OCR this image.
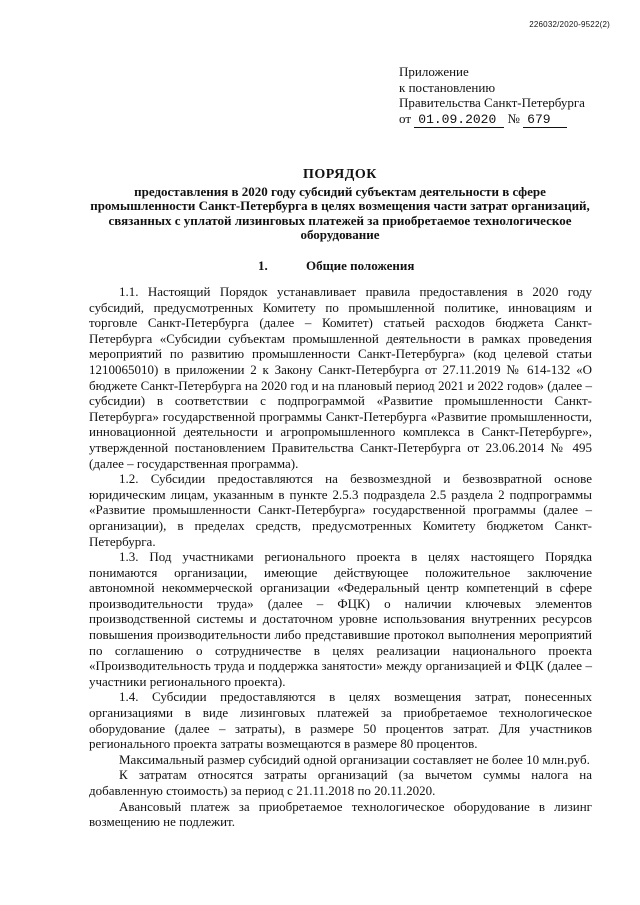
226032/2020-9522(2)
Приложение
к постановлению
Правительства Санкт-Петербурга
от 01.09.2020 № 679
ПОРЯДОК
предоставления в 2020 году субсидий субъектам деятельности в сфере промышленности Санкт-Петербурга в целях возмещения части затрат организаций, связанных с уплатой лизинговых платежей за приобретаемое технологическое оборудование
1.	Общие положения

1.1. Настоящий Порядок устанавливает правила предоставления в 2020 году субсидий, предусмотренных Комитету по промышленной политике, инновациям и торговле Санкт-Петербурга (далее – Комитет) статьей расходов бюджета Санкт-Петербурга «Субсидии субъектам промышленной деятельности в рамках проведения мероприятий по развитию промышленности Санкт-Петербурга» (код целевой статьи 1210065010) в приложении 2 к Закону Санкт-Петербурга от 27.11.2019 № 614-132 «О бюджете Санкт-Петербурга на 2020 год и на плановый период 2021 и 2022 годов» (далее – субсидии) в соответствии с подпрограммой «Развитие промышленности Санкт-Петербурга» государственной программы Санкт-Петербурга «Развитие промышленности, инновационной деятельности и агропромышленного комплекса в Санкт-Петербурге», утвержденной постановлением Правительства Санкт-Петербурга от 23.06.2014 № 495 (далее – государственная программа).

1.2. Субсидии предоставляются на безвозмездной и безвозвратной основе юридическим лицам, указанным в пункте 2.5.3 подраздела 2.5 раздела 2 подпрограммы «Развитие промышленности Санкт-Петербурга» государственной программы (далее – организации), в пределах средств, предусмотренных Комитету бюджетом Санкт-Петербурга.

1.3. Под участниками регионального проекта в целях настоящего Порядка понимаются организации, имеющие действующее положительное заключение автономной некоммерческой организации «Федеральный центр компетенций в сфере производительности труда» (далее – ФЦК) о наличии ключевых элементов производственной системы и достаточном уровне использования внутренних ресурсов повышения производительности либо представившие протокол выполнения мероприятий по соглашению о сотрудничестве в целях реализации национального проекта «Производительность труда и поддержка занятости» между организацией и ФЦК (далее – участники регионального проекта).

1.4. Субсидии предоставляются в целях возмещения затрат, понесенных организациями в виде лизинговых платежей за приобретаемое технологическое оборудование (далее – затраты), в размере 50 процентов затрат. Для участников регионального проекта затраты возмещаются в размере 80 процентов.

Максимальный размер субсидий одной организации составляет не более 10 млн.руб.

К затратам относятся затраты организаций (за вычетом суммы налога на добавленную стоимость) за период с 21.11.2018 по 20.11.2020.

Авансовый платеж за приобретаемое технологическое оборудование в лизинг возмещению не подлежит.
